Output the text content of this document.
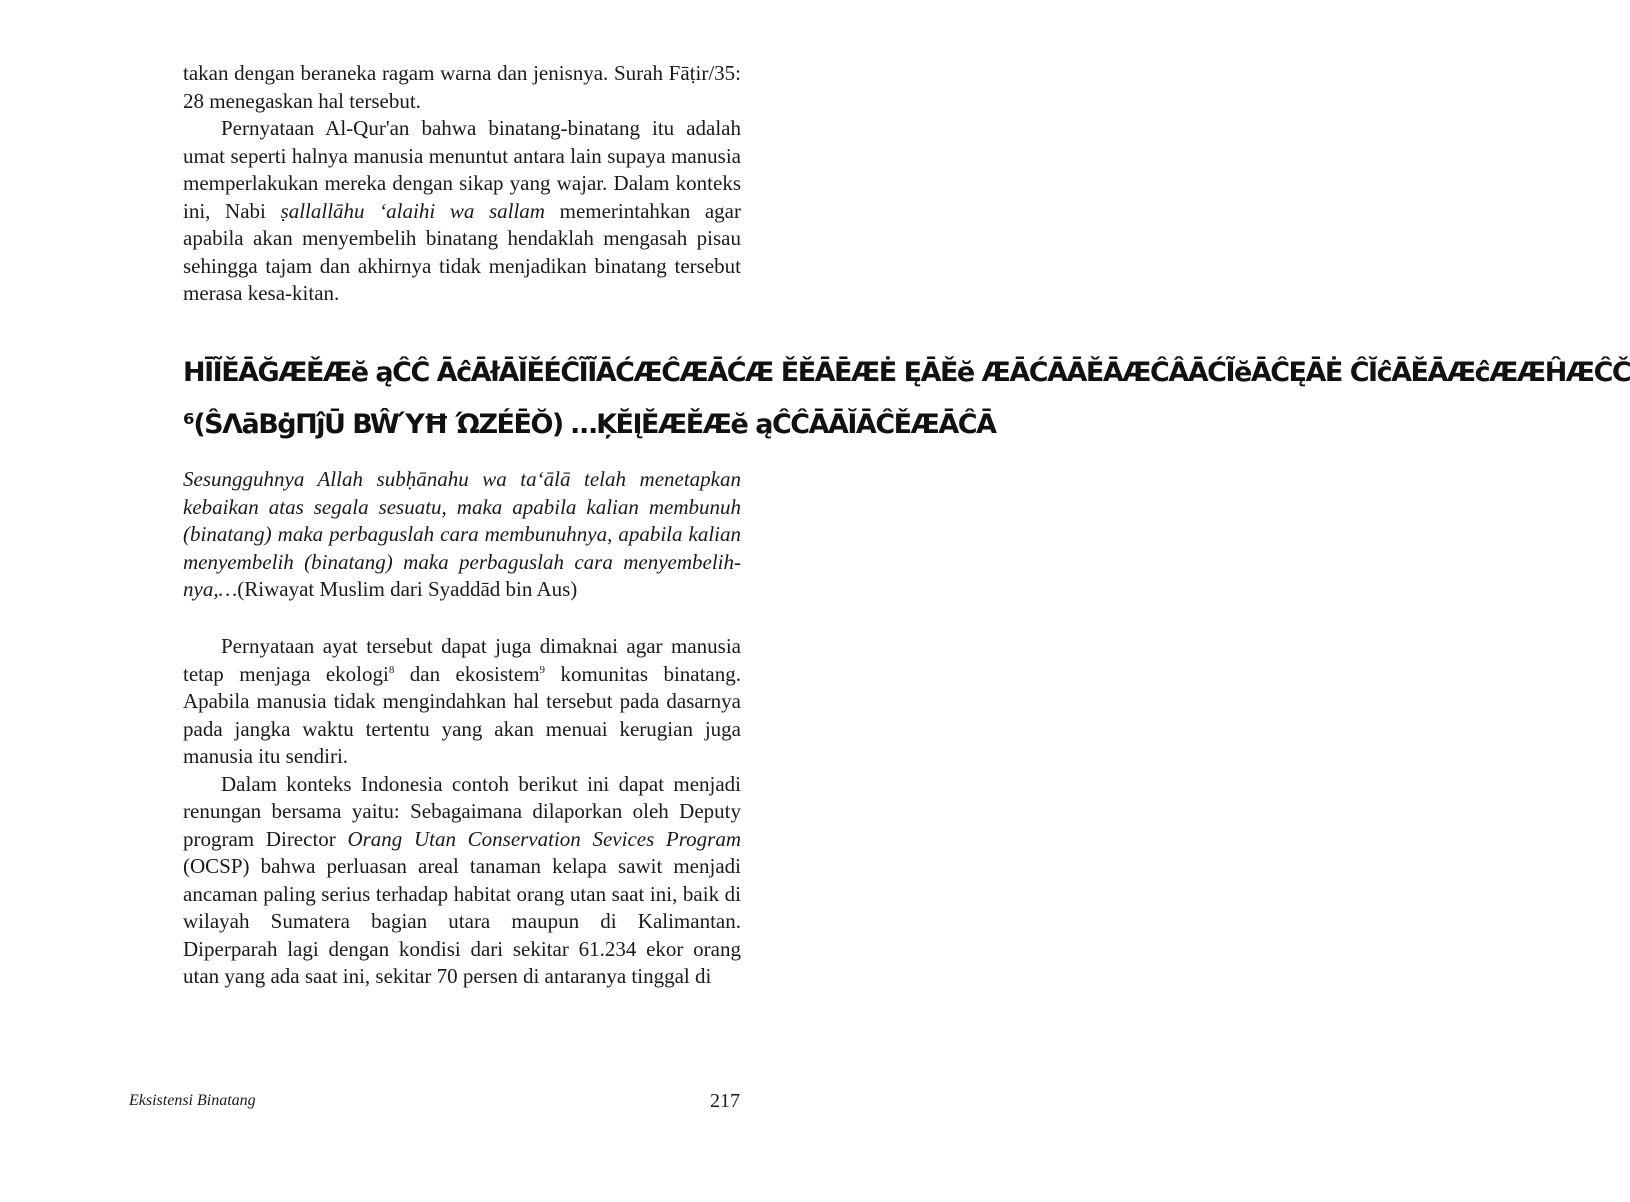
takan dengan beraneka ragam warna dan jenisnya. Surah Fāṭir/35: 28 menegaskan hal tersebut.

Pernyataan Al-Qur'an bahwa binatang-binatang itu adalah umat seperti halnya manusia menuntut antara lain supaya manusia memperlakukan mereka dengan sikap yang wajar. Dalam konteks ini, Nabi ṣallallāhu ‘alaihi wa sallam memerintahkan agar apabila akan menyembelih binatang hendaklah mengasah pisau sehingga tajam dan akhirnya tidak menjadikan binatang tersebut merasa kesa-kitan.

HĪĨĚĀĞÆĚÆĕ ąĈĈ ĀĉĀłĀĬĔÉĈĨĨĀĆÆĈÆĀĆÆ ĚĚĀĒÆĖ ĘĀĚĕ ÆĀĆĀĀĚĀÆĈÂĀĆĨĕĀĈĘĀĖ ĈĬĉĀĔĀÆĉÆÆĤÆĈČ
⁶(ŜΛāBġΠĵŪ BŴΎĦ ΏZÉĒŎ) …ĶĔĮĔÆĚÆĕ ąĈĈĀĀĬĀĈĚÆĀĈĀ
Sesungguhnya Allah subḥānahu wa ta‘ālā telah menetapkan kebaikan atas segala sesuatu, maka apabila kalian membunuh (binatang) maka perbaguslah cara membunuhnya, apabila kalian menyembelih (binatang) maka perbaguslah cara menyembelih-nya,…(Riwayat Muslim dari Syaddād bin Aus)

Pernyataan ayat tersebut dapat juga dimaknai agar manusia tetap menjaga ekologi$^8$ dan ekosistem$^9$ komunitas binatang. Apabila manusia tidak mengindahkan hal tersebut pada dasarnya pada jangka waktu tertentu yang akan menuai kerugian juga manusia itu sendiri.

Dalam konteks Indonesia contoh berikut ini dapat menjadi renungan bersama yaitu: Sebagaimana dilaporkan oleh Deputy program Director Orang Utan Conservation Sevices Program (OCSP) bahwa perluasan areal tanaman kelapa sawit menjadi ancaman paling serius terhadap habitat orang utan saat ini, baik di wilayah Sumatera bagian utara maupun di Kalimantan. Diperparah lagi dengan kondisi dari sekitar 61.234 ekor orang utan yang ada saat ini, sekitar 70 persen di antaranya tinggal di

Eksistensi Binatang	217
